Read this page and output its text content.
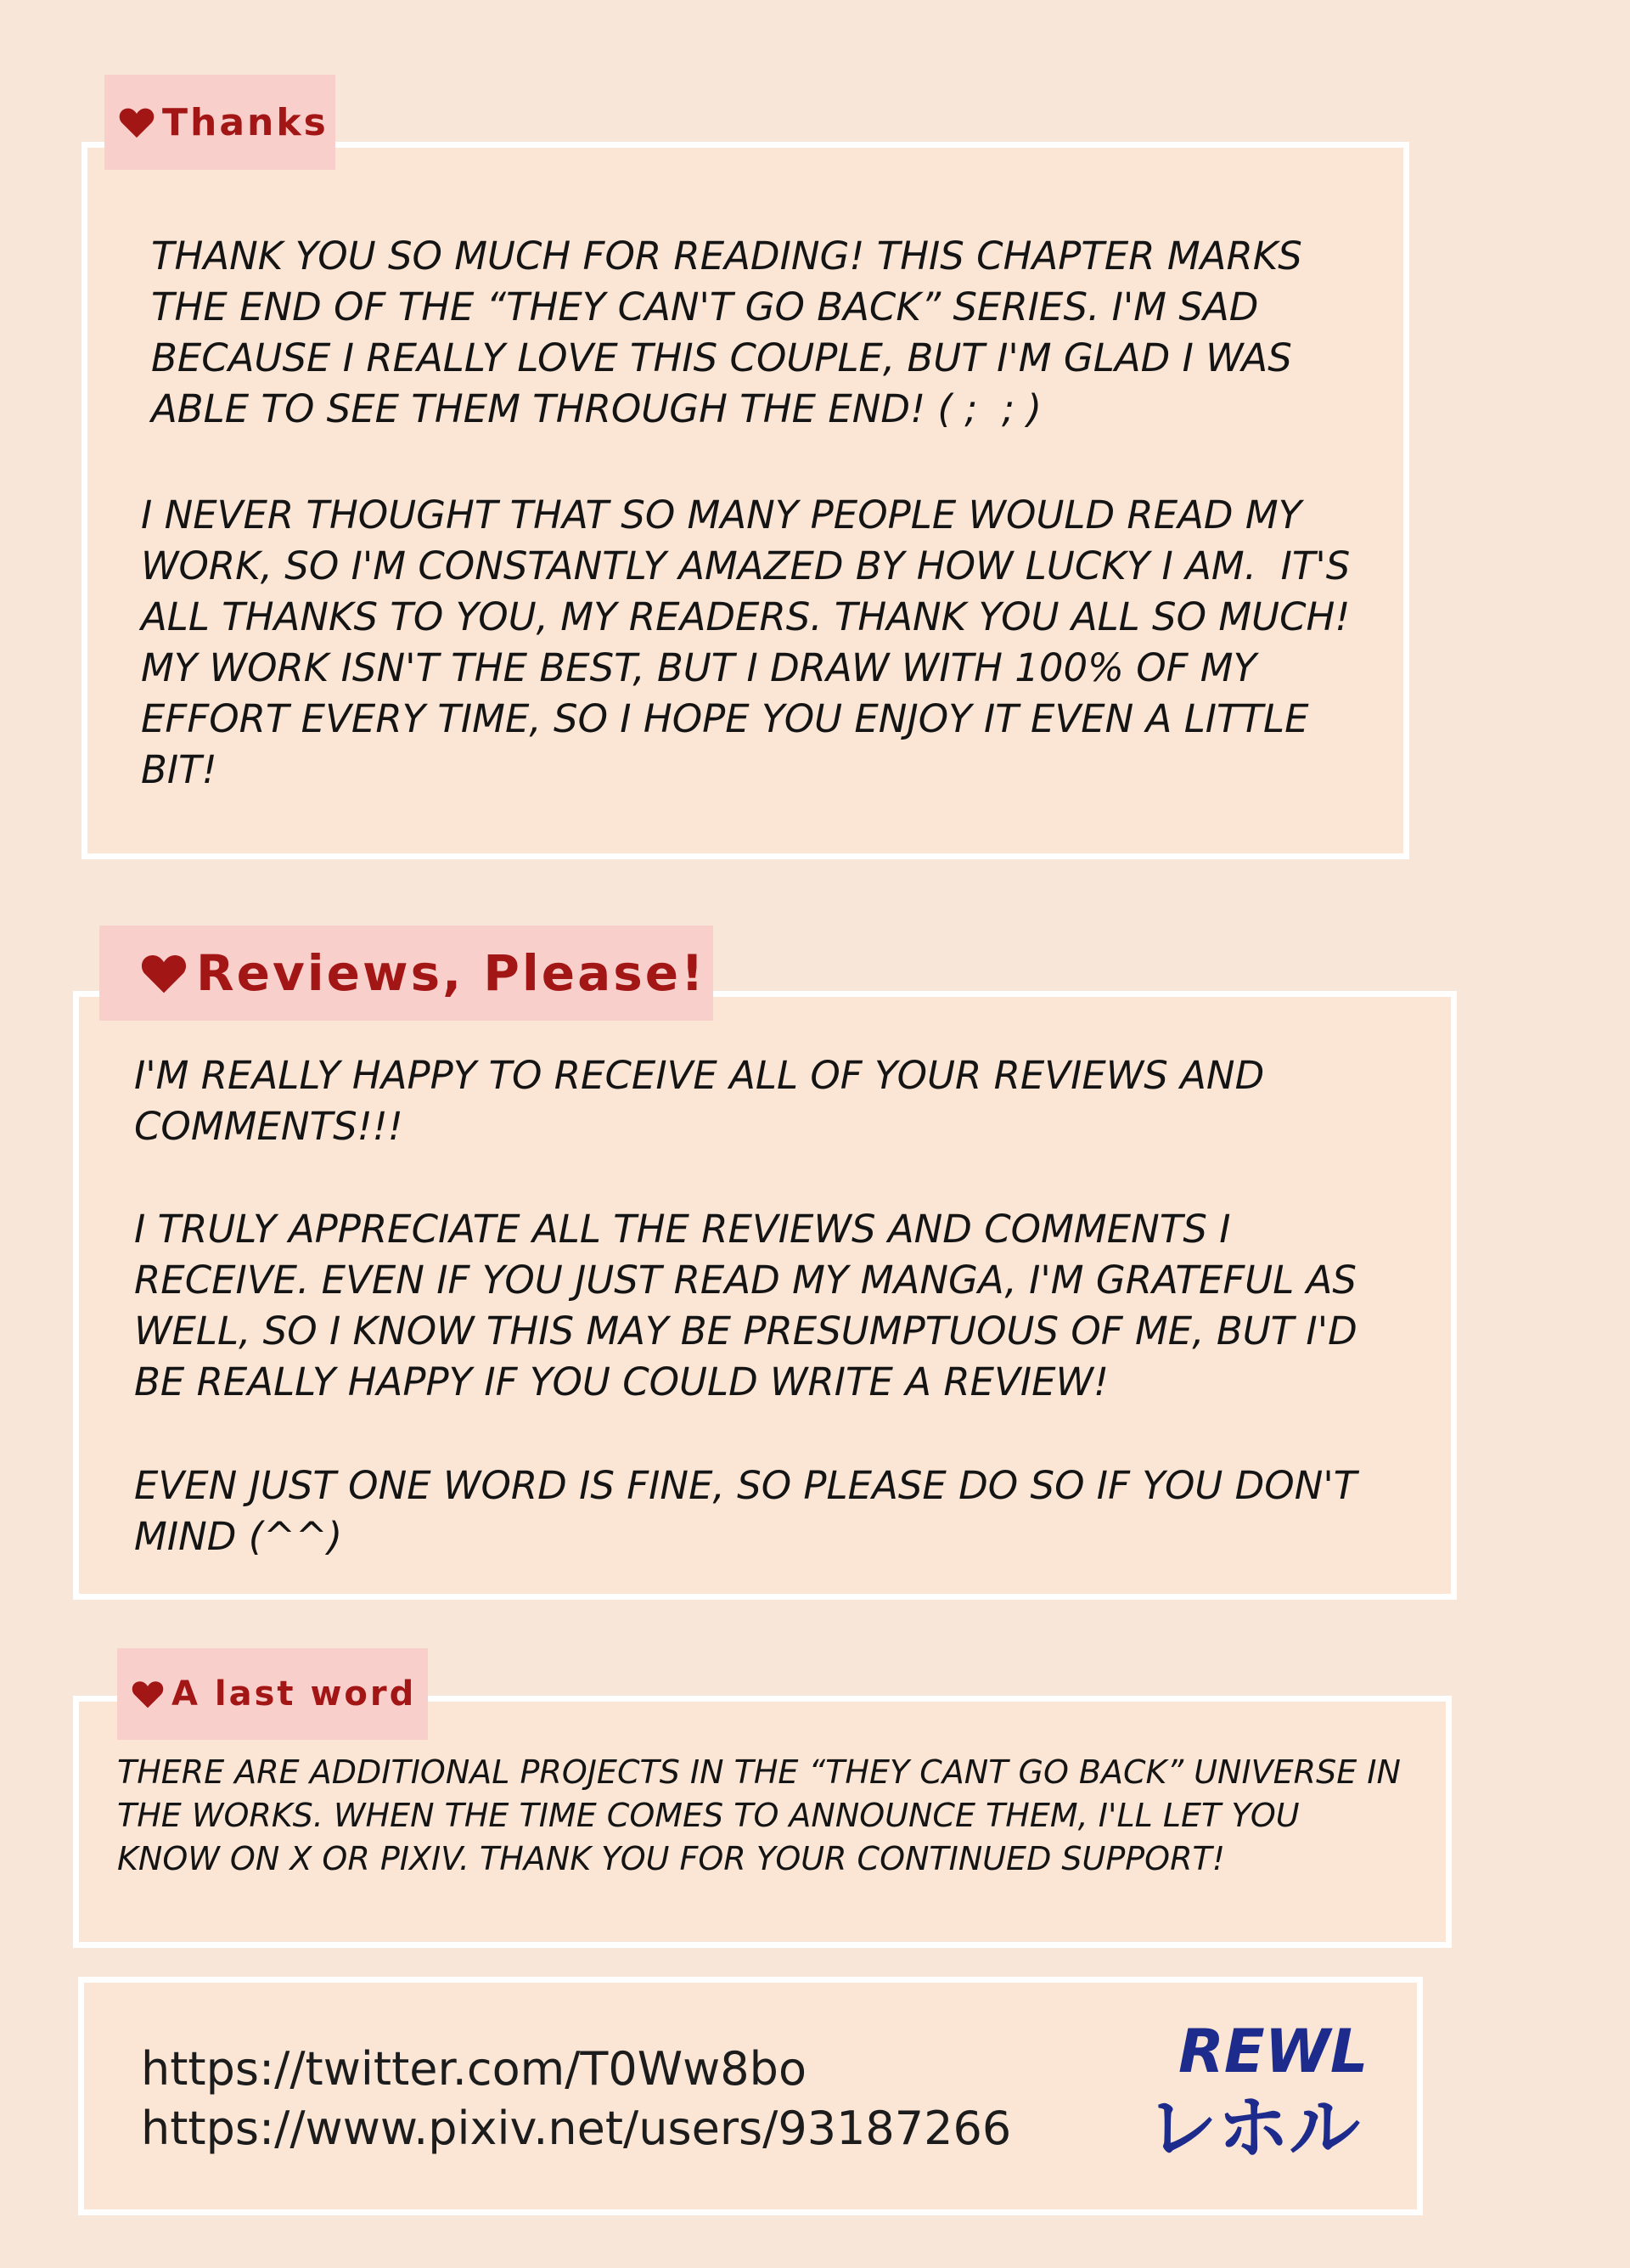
Thanks

THANK YOU SO MUCH FOR READING! THIS CHAPTER MARKS THE END OF THE “THEY CAN'T GO BACK” SERIES. I'M SAD BECAUSE I REALLY LOVE THIS COUPLE, BUT I'M GLAD I WAS ABLE TO SEE THEM THROUGH THE END! ( ;  ; )

I NEVER THOUGHT THAT SO MANY PEOPLE WOULD READ MY WORK, SO I'M CONSTANTLY AMAZED BY HOW LUCKY I AM.  IT'S ALL THANKS TO YOU, MY READERS. THANK YOU ALL SO MUCH! MY WORK ISN'T THE BEST, BUT I DRAW WITH 100% OF MY EFFORT EVERY TIME, SO I HOPE YOU ENJOY IT EVEN A LITTLE BIT!

Reviews, Please!

I'M REALLY HAPPY TO RECEIVE ALL OF YOUR REVIEWS AND COMMENTS!!!

I TRULY APPRECIATE ALL THE REVIEWS AND COMMENTS I RECEIVE. EVEN IF YOU JUST READ MY MANGA, I'M GRATEFUL AS WELL, SO I KNOW THIS MAY BE PRESUMPTUOUS OF ME, BUT I'D BE REALLY HAPPY IF YOU COULD WRITE A REVIEW!

EVEN JUST ONE WORD IS FINE, SO PLEASE DO SO IF YOU DON'T MIND (^^)

A last word

THERE ARE ADDITIONAL PROJECTS IN THE “THEY CANT GO BACK” UNIVERSE IN THE WORKS. WHEN THE TIME COMES TO ANNOUNCE THEM, I'LL LET YOU KNOW ON X OR PIXIV. THANK YOU FOR YOUR CONTINUED SUPPORT!

https://twitter.com/T0Ww8bo
https://www.pixiv.net/users/93187266
REWL
レホル
